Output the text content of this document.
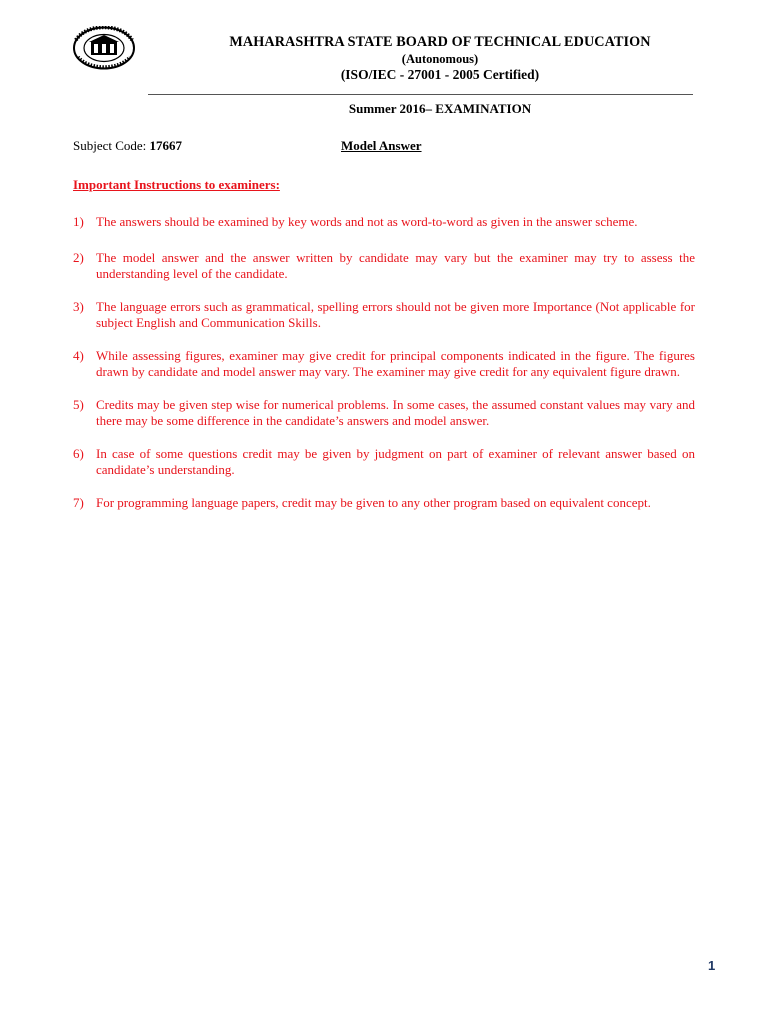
MAHARASHTRA STATE BOARD OF TECHNICAL EDUCATION
(Autonomous)
(ISO/IEC - 27001 - 2005 Certified)
Summer 2016– EXAMINATION
Subject Code: 17667	Model Answer
Important Instructions to examiners:
1) The answers should be examined by key words and not as word-to-word as given in the answer scheme.
2) The model answer and the answer written by candidate may vary but the examiner may try to assess the understanding level of the candidate.
3) The language errors such as grammatical, spelling errors should not be given more Importance (Not applicable for subject English and Communication Skills.
4) While assessing figures, examiner may give credit for principal components indicated in the figure. The figures drawn by candidate and model answer may vary. The examiner may give credit for any equivalent figure drawn.
5) Credits may be given step wise for numerical problems. In some cases, the assumed constant values may vary and there may be some difference in the candidate’s answers and model answer.
6) In case of some questions credit may be given by judgment on part of examiner of relevant answer based on candidate’s understanding.
7) For programming language papers, credit may be given to any other program based on equivalent concept.
1
